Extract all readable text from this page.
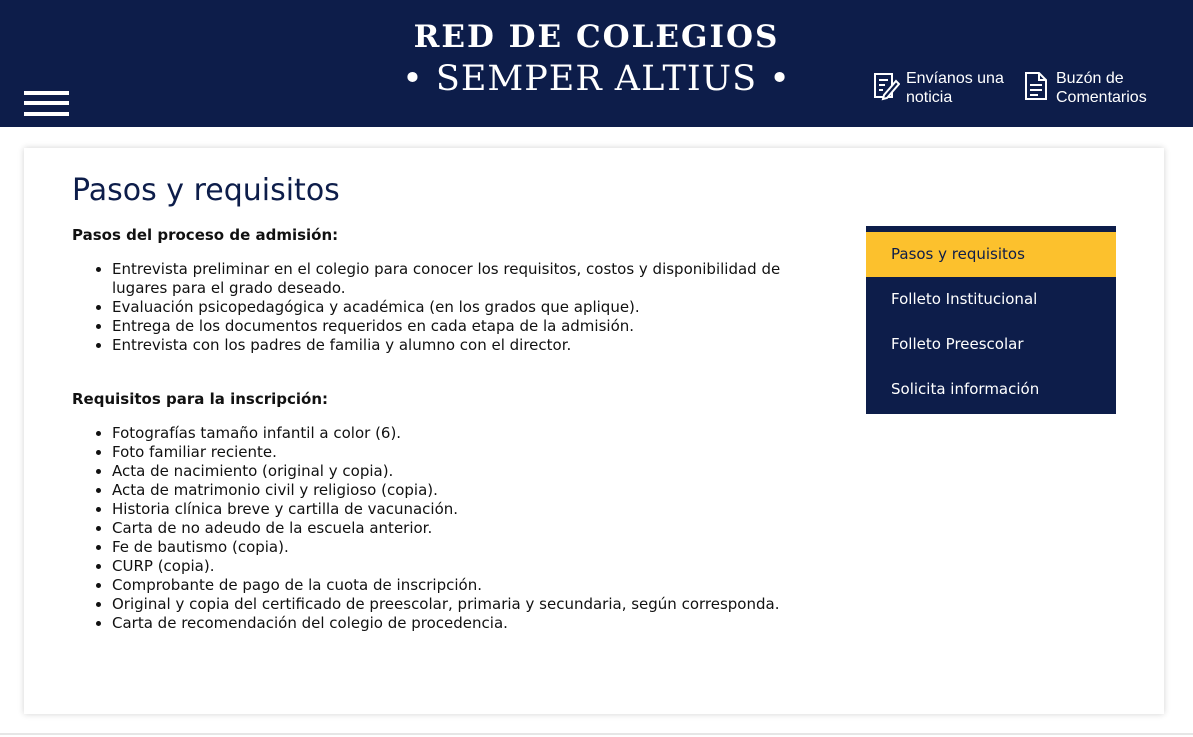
RED DE COLEGIOS
• SEMPER ALTIUS •	Envíanos una noticia
Buzón de Comentarios
Pasos y requisitos

Pasos del proceso de admisión:

• Entrevista preliminar en el colegio para conocer los requisitos, costos y disponibilidad de lugares para el grado deseado.
• Evaluación psicopedagógica y académica (en los grados que aplique).
• Entrega de los documentos requeridos en cada etapa de la admisión.
• Entrevista con los padres de familia y alumno con el director.

Requisitos para la inscripción:

• Fotografías tamaño infantil a color (6).
• Foto familiar reciente.
• Acta de nacimiento (original y copia).
• Acta de matrimonio civil y religioso (copia).
• Historia clínica breve y cartilla de vacunación.
• Carta de no adeudo de la escuela anterior.
• Fe de bautismo (copia).
• CURP (copia).
• Comprobante de pago de la cuota de inscripción.
• Original y copia del certificado de preescolar, primaria y secundaria, según corresponda.
• Carta de recomendación del colegio de procedencia.
Pasos y requisitos
Folleto Institucional
Folleto Preescolar
Solicita información
